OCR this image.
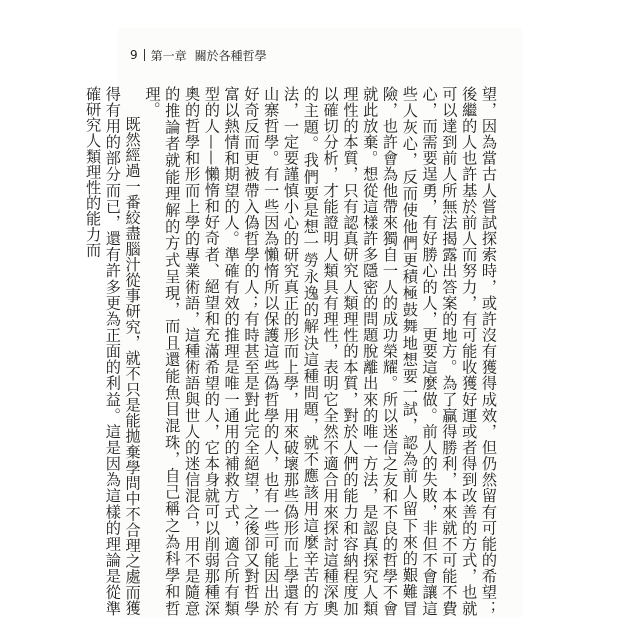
9 第一章 關於各種哲學

望，因為當古人嘗試探索時，或許沒有獲得成效，但仍然留有可能的希望；後繼的人也許基於前人而努力，有可能收獲好運或者得到改善的方式，也就可以達到前人所無法揭露出答案的地方。為了贏得勝利，本來就不可能不費心，而需要逞勇，有好勝心的人，更要這麼做。前人的失敗，非但不會讓這些人灰心，反而使他們更積極鼓舞地想要一試，認為前人留下來的艱難冒險，也許會為他帶來獨自一人的成功榮耀。所以迷信之友和不良的哲學不會就此放棄。想從這樣許多隱密的問題脫離出來的唯一方法，是認真探究人類理性的本質，只有認真研究人類理性的本質，對於人們的能力和容納程度加以確切分析，才能證明人類具有理性，表明它全然不適合用來探討這種深奧的主題。我們要是想一勞永逸的解決這種問題，就不應該用這麼辛苦的方法，一定要謹慎小心的研究真正的形而上學，用來破壞那些偽形而上學還有山寨哲學。有一些因為懶惰所以保護這些偽哲學的人，也有一些可能因出於好奇反而更被帶入偽哲學的人；有時甚至是對此完全絕望，之後卻又對哲學富以熱情和期望的人。準確有效的推理是唯一通用的補救方式，適合所有類型的人——懶惰和好奇者、絕望和充滿希望的人，它本身就可以削弱那種深奧的哲學和形而上學的專業術語，這種術語與世人的迷信混合，用不是隨意的推論者就能理解的方式呈現，而且還能魚目混珠，自己稱之為科學和哲理。

既然經過一番絞盡腦汁從事研究，就不只是能拋棄學問中不合理之處而獲得有用的部分而已，還有許多更為正面的利益。這是因為這樣的理論是從準確研究人類理性的能力而
